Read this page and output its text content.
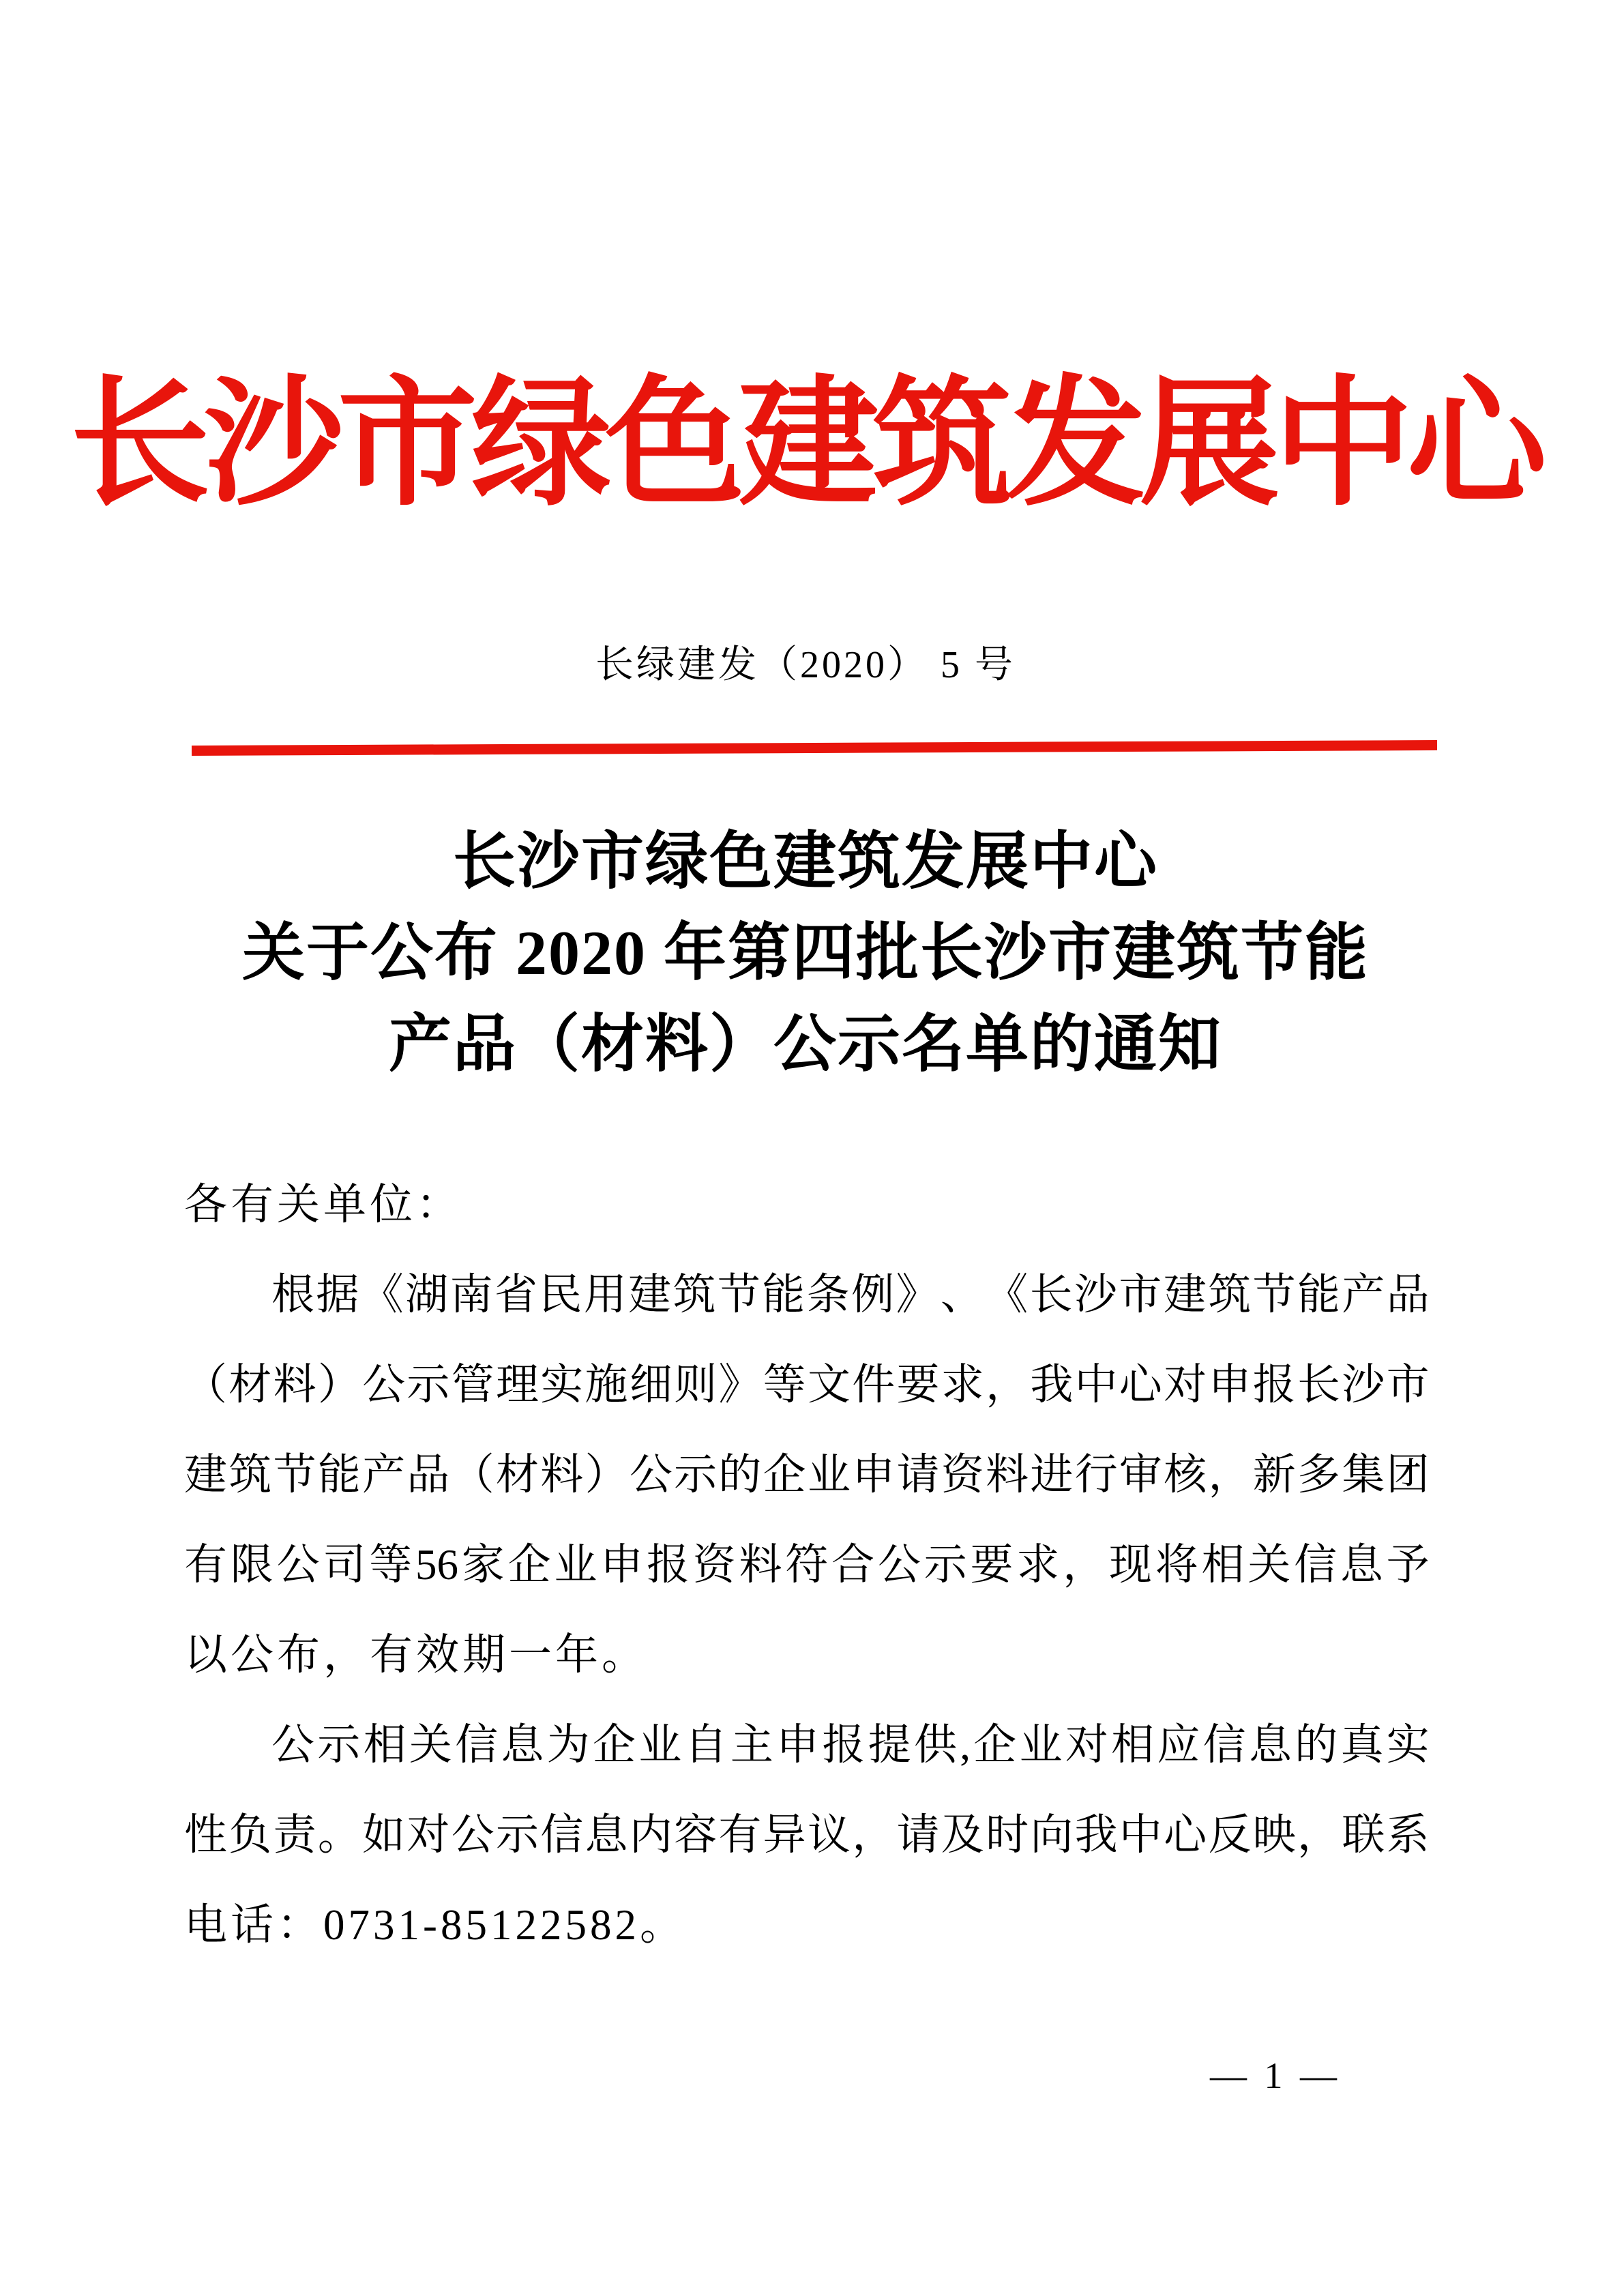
长沙市绿色建筑发展中心
长绿建发（2020） 5 号
长沙市绿色建筑发展中心
关于公布 2020 年第四批长沙市建筑节能
产品（材料）公示名单的通知
各有关单位：
根 据 《 湖 南 省 民 用 建 筑 节 能 条 例 》 、 《 长 沙 市 建 筑 节 能 产 品
（ 材 料 ） 公 示 管 理 实 施 细 则 》 等 文 件 要 求 ， 我 中 心 对 申 报 长 沙 市
建 筑 节 能 产 品 （ 材 料 ） 公 示 的 企 业 申 请 资 料 进 行 审 核 ， 新 多 集 团
有 限 公 司 等 56 家 企 业 申 报 资 料 符 合 公 示 要 求 ， 现 将 相 关 信 息 予
以公布，有效期一年。
公 示 相 关 信 息 为 企 业 自 主 申 报 提 供 , 企 业 对 相 应 信 息 的 真 实
性 负 责 。 如 对 公 示 信 息 内 容 有 异 议 ， 请 及 时 向 我 中 心 反 映 ， 联 系
电话：0731-85122582。
— 1 —
